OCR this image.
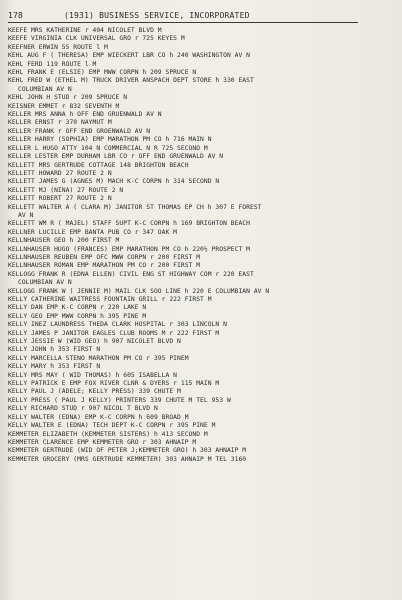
178	(1931) BUSINESS SERVICE, INCORPORATED
KEEFE MRS KATHERINE r 404 NICOLET BLVD M
KEEFE VIRGINIA CLK UNIVERSAL GRO r 725 KEYES M
KEEFNER ERWIN 55 ROUTE l M
KEHL AUG F ( THERESA) EMP WIECKERT LBR CO h 240 WASHINGTON AV N
KEHL FERD 119 ROUTE l M
KEHL FRANK E (ELSIE) EMP MWW CORPN h 209 SPRUCE N
KEHL FRED W (ETHEL M) TRUCK DRIVER ANSPACH DEPT STORE h 330 EAST
COLUMBIAN AV N
KEHL JOHN H STUD r 209 SPRUCE N
KEISNER EMMET r 832 SEVENTH M
KELLER MRS ANNA h OFF END GRUENWALD AV N
KELLER ERNST r 370 NAYMUT M
KELLER FRANK r OFF END GROENWALD AV N
KELLER HARRY (SOPHIA) EMP MARATHON PM CO h 716 MAIN N
KELLER L HUGO ATTY 104 N COMMERCIAL N R 725 SECOND M
KELLER LESTER EMP DURHAM LBR CO r OFF END GRUENWALD AV N
KELLETT MRS GERTRUDE COTTAGE 148 BRIGHTON BEACH
KELLETT HOWARD 27 ROUTE 2 N
KELLETT JAMES G (AGNES M) MACH K-C CORPN h 314 SECOND N
KELLETT MJ (NINA) 27 ROUTE 2 N
KELLETT ROBERT 27 ROUTE 2 N
KELLETT WALTER A ( CLARA M) JANITOR ST THOMAS EP CH h 307 E FOREST
AV N
KELLETT WM R ( MAJEL) STAFF SUPT K-C CORPN h 169 BRIGHTON BEACH
KELLNER LUCILLE EMP BANTA PUB CO r 347 OAK M
KELLNHAUSER GEO h 200 FIRST M
KELLNHAUSER HUGO (FRANCES) EMP MARATHON PM CO h 220½ PROSPECT M
KELLNHAUSER REUBEN EMP OFC MWW CORPN r 200 FIRST M
KELLNHAUSER ROMAN EMP MARATHON PM CO r 200 FIRST M
KELLOGG FRANK R (EDNA ELLEN) CIVIL ENG ST HIGHWAY COM r 220 EAST
COLUMBIAN AV N
KELLOGG FRANK W ( JENNIE M) MAIL CLK SOO LINE h 220 E COLUMBIAN AV N
KELLY CATHERINE WAITRESS FOUNTAIN GRILL r 222 FIRST M
KELLY DAN EMP K-C CORPN r 220 LAKE N
KELLY GEO EMP MWW CORPN h 395 PINE M
KELLY INEZ LAUNDRESS THEDA CLARK HOSPITAL r 303 LINCOLN N
KELLY JAMES P JANITOR EAGLES CLUB ROOMS M r 222 FIRST M
KELLY JESSIE W (WID GEO) h 907 NICOLET BLVD N
KELLY JOHN h 353 FIRST N
KELLY MARCELLA STENO MARATHON PM CO r 395 PINEM
KELLY MARY h 353 FIRST N
KELLY MRS MAY ( WID THOMAS) h 605 ISABELLA N
KELLY PATRICK E EMP FOX RIVER CLNR & DYERS r 115 MAIN M
KELLY PAUL J (ADELE; KELLY PRESS) 339 CHUTE M
KELLY PRESS ( PAUL J KELLY) PRINTERS 339 CHUTE M TEL 953 W
KELLY RICHARD STUD r 907 NICOL T BLVD N
KELLY WALTER (EDNA) EMP K-C CORPN h 609 BROAD M
KELLY WALTER E (EDNA) TECH DEPT K-C CORPN r 395 PINE M
KEMMETER ELIZABETH (KEMMETER SISTERS) h 413 SECOND M
KEMMETER CLARENCE EMP KEMMETER GRO r 303 AHNAIP M
KEMMETER GERTRUDE (WID OF PETER J;KEMMETER GRO) h 303 AHNAIP M
KEMMETER GROCERY (MRS GERTRUDE KEMMETER) 303 AHNAIP M TEL 3160
